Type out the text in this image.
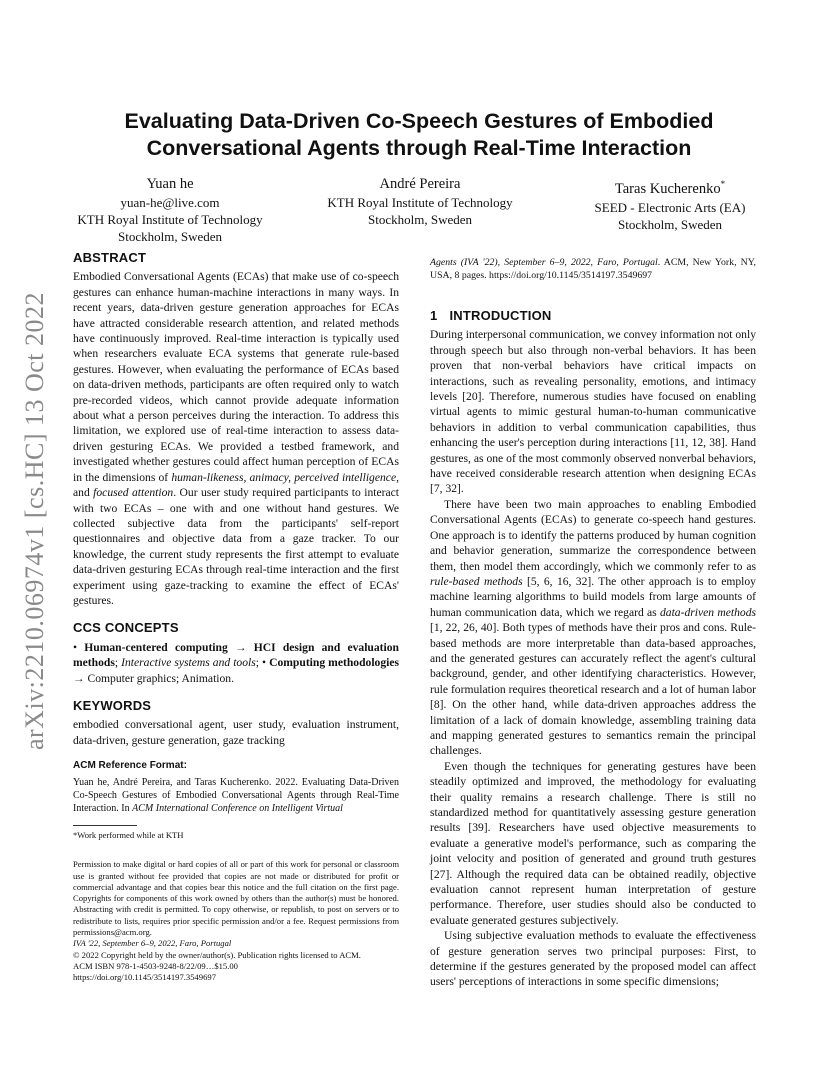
arXiv:2210.06974v1 [cs.HC] 13 Oct 2022
Evaluating Data-Driven Co-Speech Gestures of Embodied
Conversational Agents through Real-Time Interaction
Yuan he
yuan-he@live.com
KTH Royal Institute of Technology
Stockholm, Sweden
André Pereira
KTH Royal Institute of Technology
Stockholm, Sweden
Taras Kucherenko*
SEED - Electronic Arts (EA)
Stockholm, Sweden
ABSTRACT

Embodied Conversational Agents (ECAs) that make use of co-speech gestures can enhance human-machine interactions in many ways. In recent years, data-driven gesture generation approaches for ECAs have attracted considerable research attention, and related methods have continuously improved. Real-time interaction is typically used when researchers evaluate ECA systems that generate rule-based gestures. However, when evaluating the performance of ECAs based on data-driven methods, participants are often required only to watch pre-recorded videos, which cannot provide adequate information about what a person perceives during the interaction. To address this limitation, we explored use of real-time interaction to assess data-driven gesturing ECAs. We provided a testbed framework, and investigated whether gestures could affect human perception of ECAs in the dimensions of human-likeness, animacy, perceived intelligence, and focused attention. Our user study required participants to interact with two ECAs – one with and one without hand gestures. We collected subjective data from the participants' self-report questionnaires and objective data from a gaze tracker. To our knowledge, the current study represents the first attempt to evaluate data-driven gesturing ECAs through real-time interaction and the first experiment using gaze-tracking to examine the effect of ECAs' gestures.

CCS CONCEPTS

• Human-centered computing → HCI design and evaluation methods; Interactive systems and tools; • Computing methodologies → Computer graphics; Animation.

KEYWORDS

embodied conversational agent, user study, evaluation instrument, data-driven, gesture generation, gaze tracking

ACM Reference Format:

Yuan he, André Pereira, and Taras Kucherenko. 2022. Evaluating Data-Driven Co-Speech Gestures of Embodied Conversational Agents through Real-Time Interaction. In ACM International Conference on Intelligent Virtual

*Work performed while at KTH
Permission to make digital or hard copies of all or part of this work for personal or classroom use is granted without fee provided that copies are not made or distributed for profit or commercial advantage and that copies bear this notice and the full citation on the first page. Copyrights for components of this work owned by others than the author(s) must be honored. Abstracting with credit is permitted. To copy otherwise, or republish, to post on servers or to redistribute to lists, requires prior specific permission and/or a fee. Request permissions from permissions@acm.org.
IVA '22, September 6–9, 2022, Faro, Portugal
© 2022 Copyright held by the owner/author(s). Publication rights licensed to ACM.
ACM ISBN 978-1-4503-9248-8/22/09…$15.00
https://doi.org/10.1145/3514197.3549697

Agents (IVA '22), September 6–9, 2022, Faro, Portugal. ACM, New York, NY, USA, 8 pages. https://doi.org/10.1145/3514197.3549697

1 INTRODUCTION

During interpersonal communication, we convey information not only through speech but also through non-verbal behaviors. It has been proven that non-verbal behaviors have critical impacts on interactions, such as revealing personality, emotions, and intimacy levels [20]. Therefore, numerous studies have focused on enabling virtual agents to mimic gestural human-to-human communicative behaviors in addition to verbal communication capabilities, thus enhancing the user's perception during interactions [11, 12, 38]. Hand gestures, as one of the most commonly observed nonverbal behaviors, have received considerable research attention when designing ECAs [7, 32].

There have been two main approaches to enabling Embodied Conversational Agents (ECAs) to generate co-speech hand gestures. One approach is to identify the patterns produced by human cognition and behavior generation, summarize the correspondence between them, then model them accordingly, which we commonly refer to as rule-based methods [5, 6, 16, 32]. The other approach is to employ machine learning algorithms to build models from large amounts of human communication data, which we regard as data-driven methods [1, 22, 26, 40]. Both types of methods have their pros and cons. Rule-based methods are more interpretable than data-based approaches, and the generated gestures can accurately reflect the agent's cultural background, gender, and other identifying characteristics. However, rule formulation requires theoretical research and a lot of human labor [8]. On the other hand, while data-driven approaches address the limitation of a lack of domain knowledge, assembling training data and mapping generated gestures to semantics remain the principal challenges.

Even though the techniques for generating gestures have been steadily optimized and improved, the methodology for evaluating their quality remains a research challenge. There is still no standardized method for quantitatively assessing gesture generation results [39]. Researchers have used objective measurements to evaluate a generative model's performance, such as comparing the joint velocity and position of generated and ground truth gestures [27]. Although the required data can be obtained readily, objective evaluation cannot represent human interpretation of gesture performance. Therefore, user studies should also be conducted to evaluate generated gestures subjectively.

Using subjective evaluation methods to evaluate the effectiveness of gesture generation serves two principal purposes: First, to determine if the gestures generated by the proposed model can affect users' perceptions of interactions in some specific dimensions;
